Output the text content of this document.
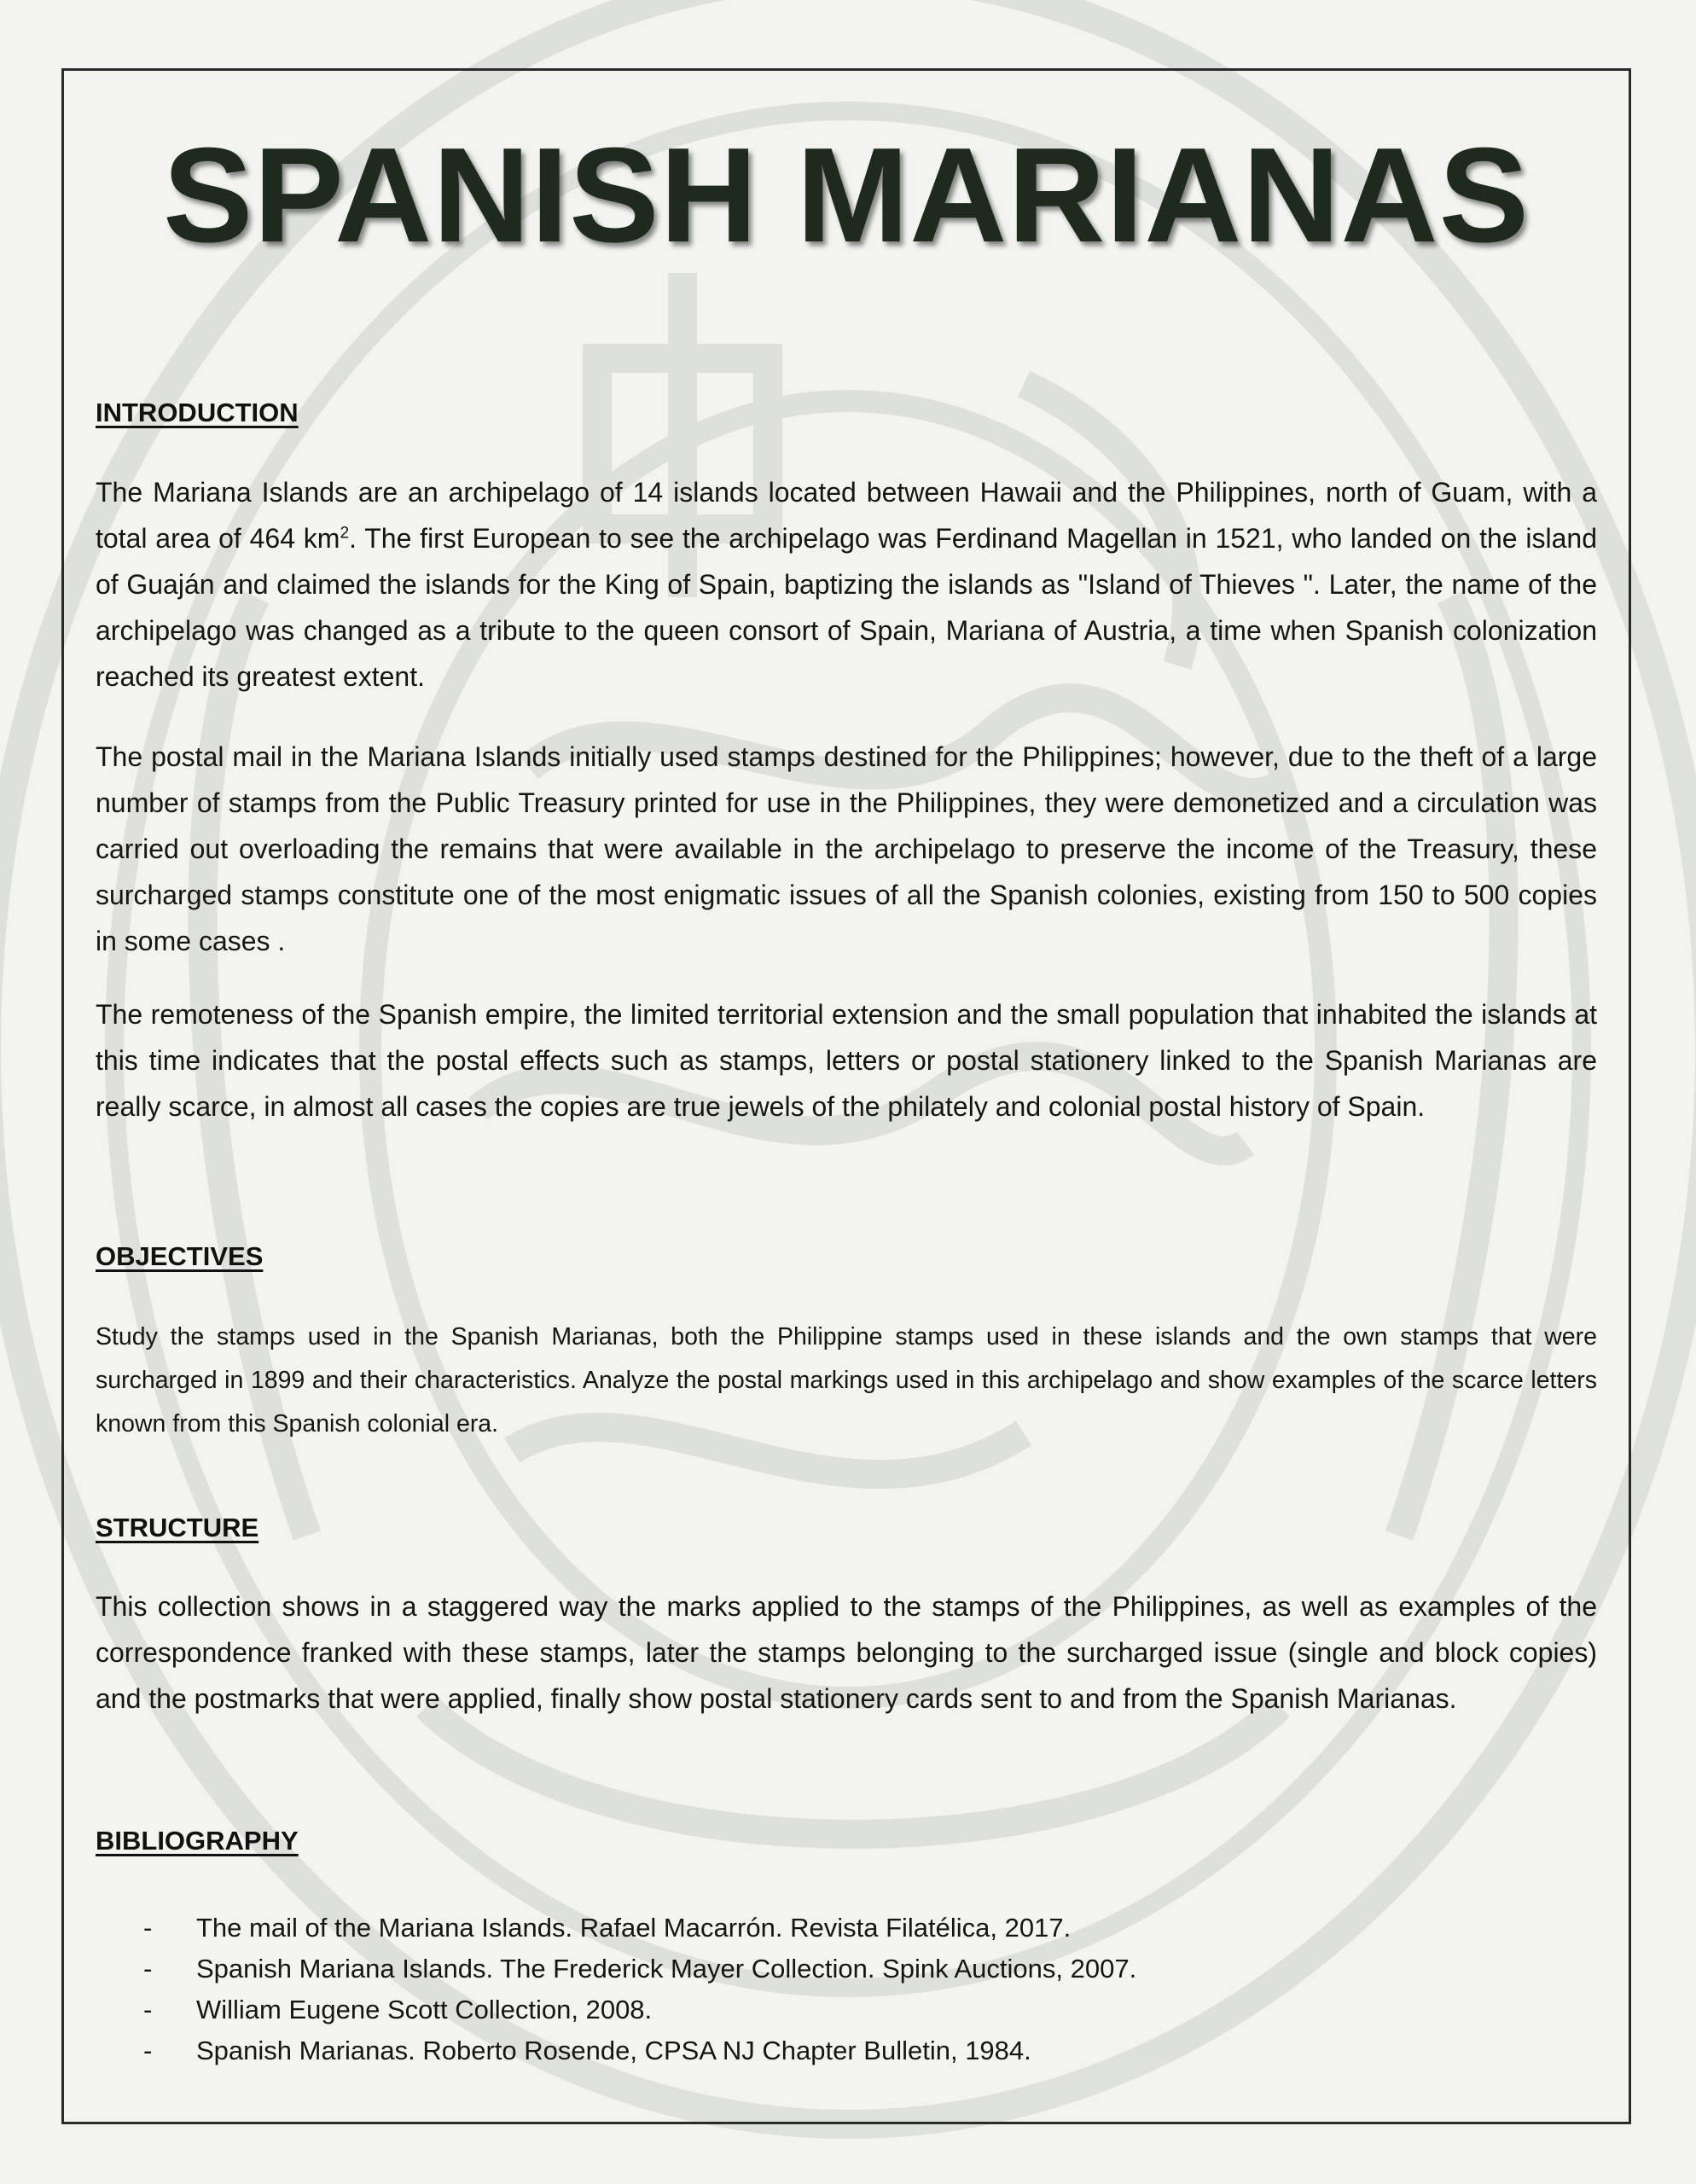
SPANISH MARIANAS
INTRODUCTION
The Mariana Islands are an archipelago of 14 islands located between Hawaii and the Philippines, north of Guam, with a total area of 464 $km^2$. The first European to see the archipelago was Ferdinand Magellan in 1521, who landed on the island of Guaján and claimed the islands for the King of Spain, baptizing the islands as "Island of Thieves ". Later, the name of the archipelago was changed as a tribute to the queen consort of Spain, Mariana of Austria, a time when Spanish colonization reached its greatest extent.
The postal mail in the Mariana Islands initially used stamps destined for the Philippines; however, due to the theft of a large number of stamps from the Public Treasury printed for use in the Philippines, they were demonetized and a circulation was carried out overloading the remains that were available in the archipelago to preserve the income of the Treasury, these surcharged stamps constitute one of the most enigmatic issues of all the Spanish colonies, existing from 150 to 500 copies in some cases .
The remoteness of the Spanish empire, the limited territorial extension and the small population that inhabited the islands at this time indicates that the postal effects such as stamps, letters or postal stationery linked to the Spanish Marianas are really scarce, in almost all cases the copies are true jewels of the philately and colonial postal history of Spain.
OBJECTIVES
Study the stamps used in the Spanish Marianas, both the Philippine stamps used in these islands and the own stamps that were surcharged in 1899 and their characteristics. Analyze the postal markings used in this archipelago and show examples of the scarce letters known from this Spanish colonial era.
STRUCTURE
This collection shows in a staggered way the marks applied to the stamps of the Philippines, as well as examples of the correspondence franked with these stamps, later the stamps belonging to the surcharged issue (single and block copies) and the postmarks that were applied, finally show postal stationery cards sent to and from the Spanish Marianas.
BIBLIOGRAPHY
- The mail of the Mariana Islands. Rafael Macarrón. Revista Filatélica, 2017.
- Spanish Mariana Islands. The Frederick Mayer Collection. Spink Auctions, 2007.
- William Eugene Scott Collection, 2008.
- Spanish Marianas. Roberto Rosende, CPSA NJ Chapter Bulletin, 1984.
